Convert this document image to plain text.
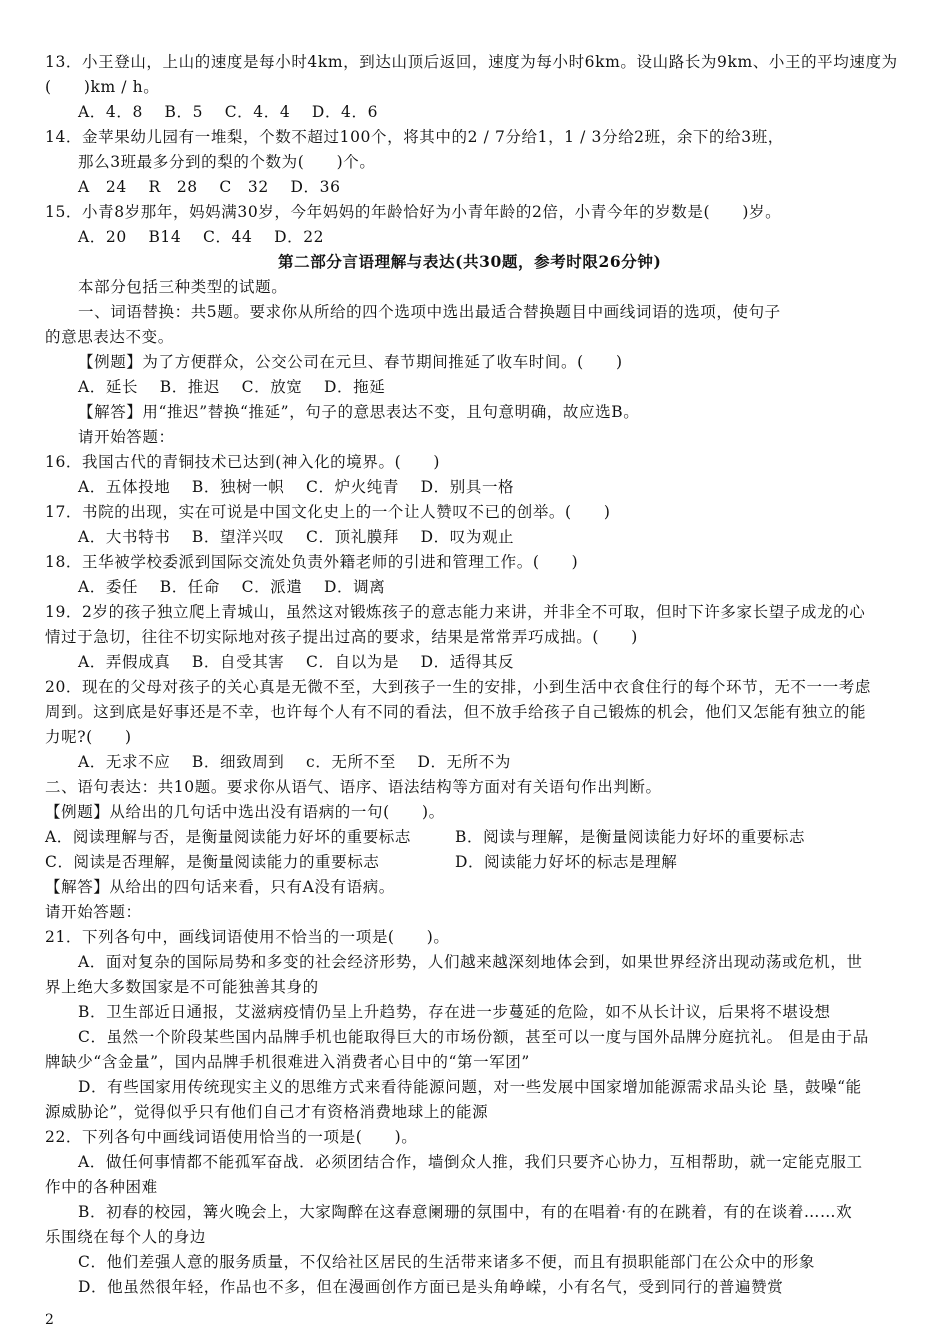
13．小王登山，上山的速度是每小时4km，到达山顶后返回，速度为每小时6km。设山路长为9km、小王的平均速度为
(　　)km / h。
A．4．8　 B．5　 C．4．4　 D．4．6
14．金苹果幼儿园有一堆梨，个数不超过100个，将其中的2 / 7分给1，1 / 3分给2班，余下的给3班，
那么3班最多分到的梨的个数为(　　)个。
A　24　 R　28　 C　32　 D．36
15．小青8岁那年，妈妈满30岁，今年妈妈的年龄恰好为小青年龄的2倍，小青今年的岁数是(　　)岁。
A．20　 B14　 C．44　 D．22
第二部分言语理解与表达(共30题，参考时限26分钟)
本部分包括三种类型的试题。
一、词语替换：共5题。要求你从所给的四个选项中选出最适合替换题目中画线词语的选项，使句子
的意思表达不变。
【例题】为了方便群众，公交公司在元旦、春节期间推延了收车时间。(　　)
A．延长　 B．推迟　 C．放宽　 D．拖延
【解答】用“推迟”替换“推延”，句子的意思表达不变，且句意明确，故应选B。
请开始答题：
16．我国古代的青铜技术已达到(神入化的境界。(　　)
A．五体投地　 B．独树一帜　 C．炉火纯青　 D．别具一格
17．书院的出现，实在可说是中国文化史上的一个让人赞叹不已的创举。(　　)
A．大书特书　 B．望洋兴叹　 C．顶礼膜拜　 D．叹为观止
18．王华被学校委派到国际交流处负责外籍老师的引进和管理工作。(　　)
A．委任　 B．任命　 C．派遣　 D．调离
19．2岁的孩子独立爬上青城山，虽然这对锻炼孩子的意志能力来讲，并非全不可取，但时下许多家长望子成龙的心
情过于急切，往往不切实际地对孩子提出过高的要求，结果是常常弄巧成拙。(　　)
A．弄假成真　 B．自受其害　 C．自以为是　 D．适得其反
20．现在的父母对孩子的关心真是无微不至，大到孩子一生的安排，小到生活中衣食住行的每个环节，无不一一考虑
周到。这到底是好事还是不幸，也许每个人有不同的看法，但不放手给孩子自己锻炼的机会，他们又怎能有独立的能
力呢?(　　)
A．无求不应　 B．细致周到　 c．无所不至　 D．无所不为
二、语句表达：共10题。要求你从语气、语序、语法结构等方面对有关语句作出判断。
【例题】从给出的几句话中选出没有语病的一句(　　)。
A．阅读理解与否，是衡量阅读能力好坏的重要标志	B．阅读与理解，是衡量阅读能力好坏的重要标志
C．阅读是否理解，是衡量阅读能力的重要标志	D．阅读能力好坏的标志是理解
【解答】从给出的四句话来看，只有A没有语病。
请开始答题：
21．下列各句中，画线词语使用不恰当的一项是(　　)。
A．面对复杂的国际局势和多变的社会经济形势，人们越来越深刻地体会到，如果世界经济出现动荡或危机，世
界上绝大多数国家是不可能独善其身的
B．卫生部近日通报，艾滋病疫情仍呈上升趋势，存在进一步蔓延的危险，如不从长计议，后果将不堪设想
C．虽然一个阶段某些国内品牌手机也能取得巨大的市场份额，甚至可以一度与国外品牌分庭抗礼。 但是由于品
牌缺少“含金量”，国内品牌手机很难进入消费者心目中的“第一军团”
D．有些国家用传统现实主义的思维方式来看待能源问题，对一些发展中国家增加能源需求品头论 垦，鼓噪“能
源威胁论”，觉得似乎只有他们自己才有资格消费地球上的能源
22．下列各句中画线词语使用恰当的一项是(　　)。
A．做任何事情都不能孤军奋战．必须团结合作，墙倒众人推，我们只要齐心协力，互相帮助，就一定能克服工
作中的各种困难
B．初春的校园，篝火晚会上，大家陶醉在这春意阑珊的氛围中，有的在唱着·有的在跳着，有的在谈着……欢
乐围绕在每个人的身边
C．他们差强人意的服务质量，不仅给社区居民的生活带来诸多不便，而且有损职能部门在公众中的形象
D．他虽然很年轻，作品也不多，但在漫画创作方面已是头角峥嵘，小有名气，受到同行的普遍赞赏
2
